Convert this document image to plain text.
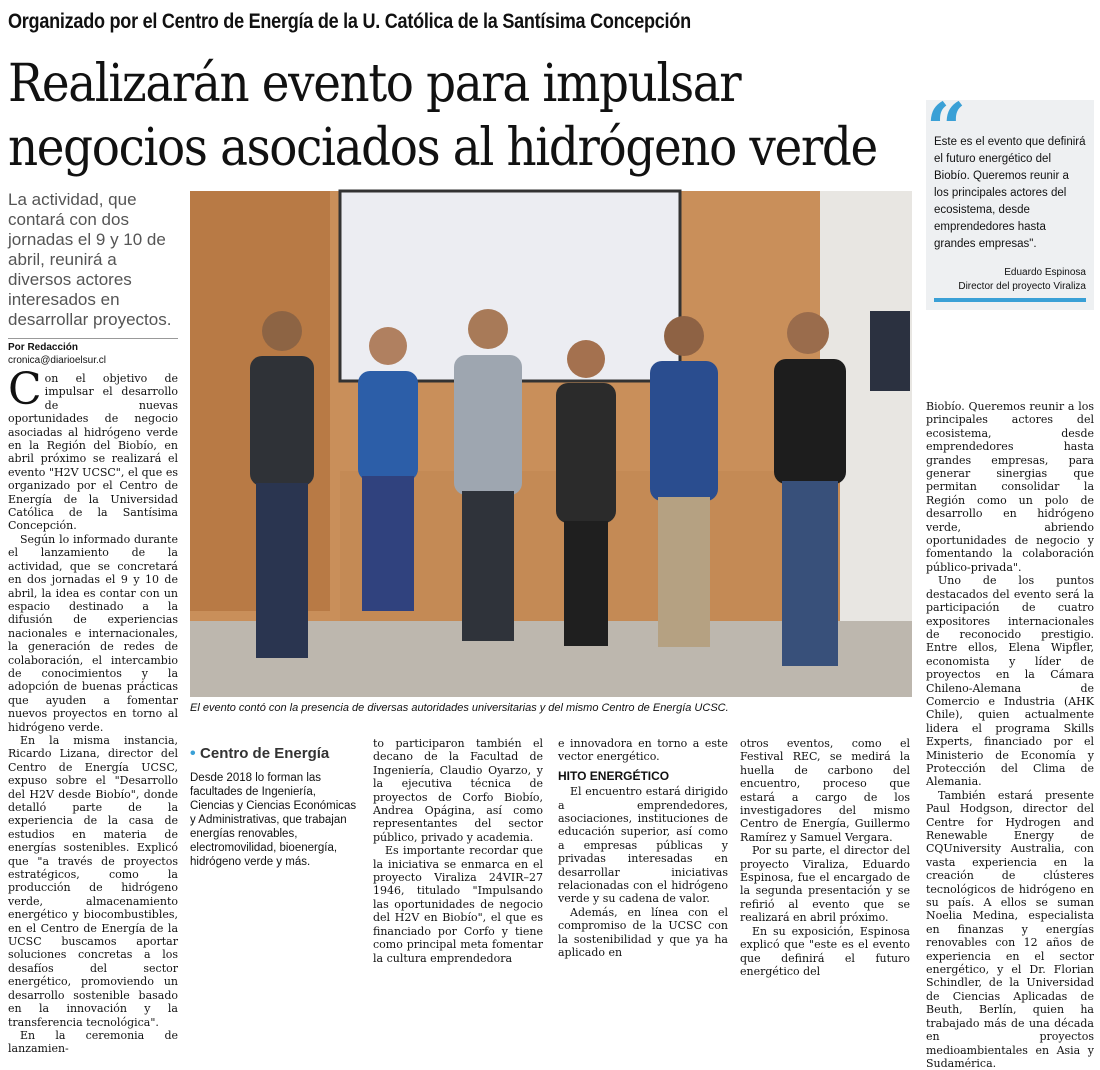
Organizado por el Centro de Energía de la U. Católica de la Santísima Concepción
Realizarán evento para impulsar
negocios asociados al hidrógeno verde “
Este es el evento que definirá el futuro energético del Biobío. Queremos reunir a los principales actores del ecosistema, desde emprendedores hasta grandes empresas".
Eduardo Espinosa
Director del proyecto Viraliza
La actividad, que contará con dos jornadas el 9 y 10 de abril, reunirá a diversos actores interesados en desarrollar proyectos.
Por Redacción
cronica@diarioelsur.cl

Con el objetivo de impulsar el desarrollo de nuevas oportunidades de negocio asociadas al hidrógeno verde en la Región del Biobío, en abril próximo se realizará el evento "H2V UCSC", el que es organizado por el Centro de Energía de la Universidad Católica de la Santísima Concepción.

Según lo informado durante el lanzamiento de la actividad, que se concretará en dos jornadas el 9 y 10 de abril, la idea es contar con un espacio destinado a la difusión de experiencias nacionales e internacionales, la generación de redes de colaboración, el intercambio de conocimientos y la adopción de buenas prácticas que ayuden a fomentar nuevos proyectos en torno al hidrógeno verde.

En la misma instancia, Ricardo Lizana, director del Centro de Energía UCSC, expuso sobre el "Desarrollo del H2V desde Biobío", donde detalló parte de la experiencia de la casa de estudios en materia de energías sostenibles. Explicó que "a través de proyectos estratégicos, como la producción de hidrógeno verde, almacenamiento energético y biocombustibles, en el Centro de Energía de la UCSC buscamos aportar soluciones concretas a los desafíos del sector energético, promoviendo un desarrollo sostenible basado en la innovación y la transferencia tecnológica".

En la ceremonia de lanzamien-

El evento contó con la presencia de diversas autoridades universitarias y del mismo Centro de Energía UCSC.
• Centro de Energía
Desde 2018 lo forman las facultades de Ingeniería, Ciencias y Ciencias Económicas y Administrativas, que trabajan energías renovables, electromovilidad, bioenergía, hidrógeno verde y más.

to participaron también el decano de la Facultad de Ingeniería, Claudio Oyarzo, y la ejecutiva técnica de proyectos de Corfo Biobío, Andrea Opágina, así como representantes del sector público, privado y academia.

Es importante recordar que la iniciativa se enmarca en el proyecto Viraliza 24VIR–27 1946, titulado "Impulsando las oportunidades de negocio del H2V en Biobío", el que es financiado por Corfo y tiene como principal meta fomentar la cultura emprendedora

e innovadora en torno a este vector energético.

HITO ENERGÉTICO

El encuentro estará dirigido a emprendedores, asociaciones, instituciones de educación superior, así como a empresas públicas y privadas interesadas en desarrollar iniciativas relacionadas con el hidrógeno verde y su cadena de valor.

Además, en línea con el compromiso de la UCSC con la sostenibilidad y que ya ha aplicado en

otros eventos, como el Festival REC, se medirá la huella de carbono del encuentro, proceso que estará a cargo de los investigadores del mismo Centro de Energía, Guillermo Ramírez y Samuel Vergara.

Por su parte, el director del proyecto Viraliza, Eduardo Espinosa, fue el encargado de la segunda presentación y se refirió al evento que se realizará en abril próximo.

En su exposición, Espinosa explicó que "este es el evento que definirá el futuro energético del

Biobío. Queremos reunir a los principales actores del ecosistema, desde emprendedores hasta grandes empresas, para generar sinergias que permitan consolidar la Región como un polo de desarrollo en hidrógeno verde, abriendo oportunidades de negocio y fomentando la colaboración público-privada".

Uno de los puntos destacados del evento será la participación de cuatro expositores internacionales de reconocido prestigio. Entre ellos, Elena Wipfler, economista y líder de proyectos en la Cámara Chileno-Alemana de Comercio e Industria (AHK Chile), quien actualmente lidera el programa Skills Experts, financiado por el Ministerio de Economía y Protección del Clima de Alemania.

También estará presente Paul Hodgson, director del Centre for Hydrogen and Renewable Energy de CQUniversity Australia, con vasta experiencia en la creación de clústeres tecnológicos de hidrógeno en su país. A ellos se suman Noelia Medina, especialista en finanzas y energías renovables con 12 años de experiencia en el sector energético, y el Dr. Florian Schindler, de la Universidad de Ciencias Aplicadas de Beuth, Berlín, quien ha trabajado más de una década en proyectos medioambientales en Asia y Sudamérica.
